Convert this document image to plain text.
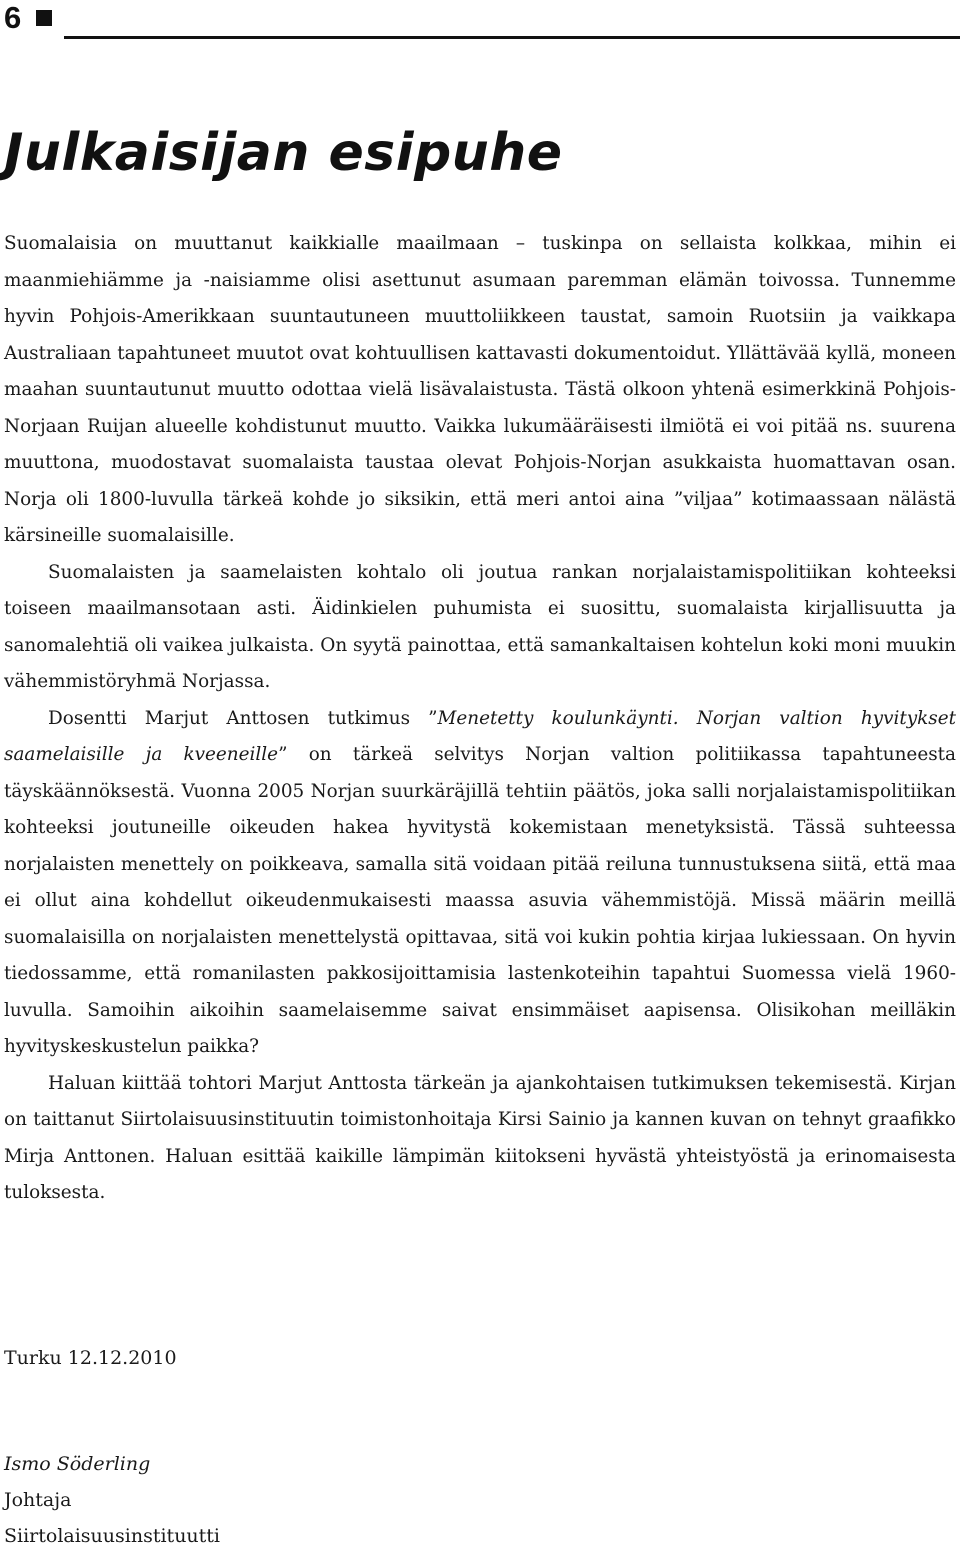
6
Julkaisijan esipuhe

Suomalaisia on muuttanut kaikkialle maailmaan – tuskinpa on sellaista kolkkaa, mihin ei maanmiehiämme ja -naisiamme olisi asettunut asumaan paremman elämän toivossa. Tunnemme hyvin Pohjois-Amerikkaan suuntautuneen muuttoliikkeen taustat, samoin Ruotsiin ja vaikkapa Australiaan tapahtuneet muutot ovat kohtuullisen kattavasti dokumentoidut. Yllättävää kyllä, moneen maahan suuntautunut muutto odottaa vielä lisävalaistusta. Tästä olkoon yhtenä esimerkkinä Pohjois-Norjaan Ruijan alueelle kohdistunut muutto. Vaikka lukumääräisesti ilmiötä ei voi pitää ns. suurena muuttona, muodostavat suomalaista taustaa olevat Pohjois-Norjan asukkaista huomattavan osan. Norja oli 1800-luvulla tärkeä kohde jo siksikin, että meri antoi aina ”viljaa” kotimaassaan nälästä kärsineille suomalaisille.

Suomalaisten ja saamelaisten kohtalo oli joutua rankan norjalaistamispolitiikan kohteeksi toiseen maailmansotaan asti. Äidinkielen puhumista ei suosittu, suomalaista kirjallisuutta ja sanomalehtiä oli vaikea julkaista. On syytä painottaa, että samankaltaisen kohtelun koki moni muukin vähemmistöryhmä Norjassa.

Dosentti Marjut Anttosen tutkimus ”Menetetty koulunkäynti. Norjan valtion hyvitykset saamelaisille ja kveeneille” on tärkeä selvitys Norjan valtion politiikassa tapahtuneesta täyskäännöksestä. Vuonna 2005 Norjan suurkäräjillä tehtiin päätös, joka salli norjalaistamispolitiikan kohteeksi joutuneille oikeuden hakea hyvitystä kokemistaan menetyksistä. Tässä suhteessa norjalaisten menettely on poikkeava, samalla sitä voidaan pitää reiluna tunnustuksena siitä, että maa ei ollut aina kohdellut oikeudenmukaisesti maassa asuvia vähemmistöjä. Missä määrin meillä suomalaisilla on norjalaisten menettelystä opittavaa, sitä voi kukin pohtia kirjaa lukiessaan. On hyvin tiedossamme, että romanilasten pakkosijoittamisia lastenkoteihin tapahtui Suomessa vielä 1960-luvulla. Samoihin aikoihin saamelaisemme saivat ensimmäiset aapisensa. Olisikohan meilläkin hyvityskeskustelun paikka?

Haluan kiittää tohtori Marjut Anttosta tärkeän ja ajankohtaisen tutkimuksen tekemisestä. Kirjan on taittanut Siirtolaisuusinstituutin toimistonhoitaja Kirsi Sainio ja kannen kuvan on tehnyt graafikko Mirja Anttonen. Haluan esittää kaikille lämpimän kiitokseni hyvästä yhteistyöstä ja erinomaisesta tuloksesta.

Turku 12.12.2010
Ismo Söderling
Johtaja
Siirtolaisuusinstituutti
